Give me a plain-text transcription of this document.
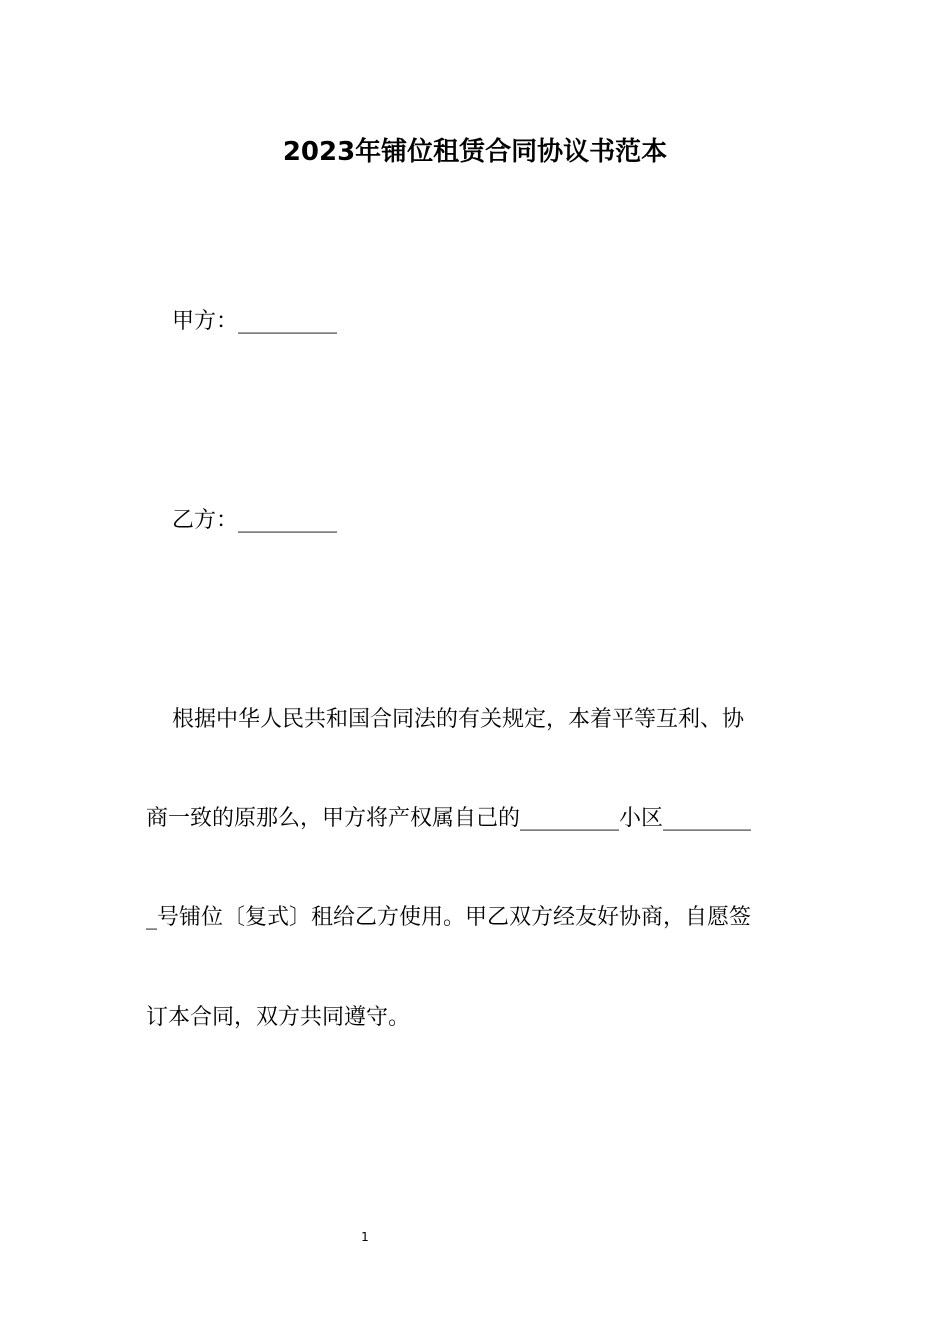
2023年铺位租赁合同协议书范本
甲方：_________
乙方：_________
根据中华人民共和国合同法的有关规定，本着平等互利、协
商一致的原那么，甲方将产权属自己的_________小区________
_号铺位〔复式〕租给乙方使用。甲乙双方经友好协商，自愿签
订本合同，双方共同遵守。
1
